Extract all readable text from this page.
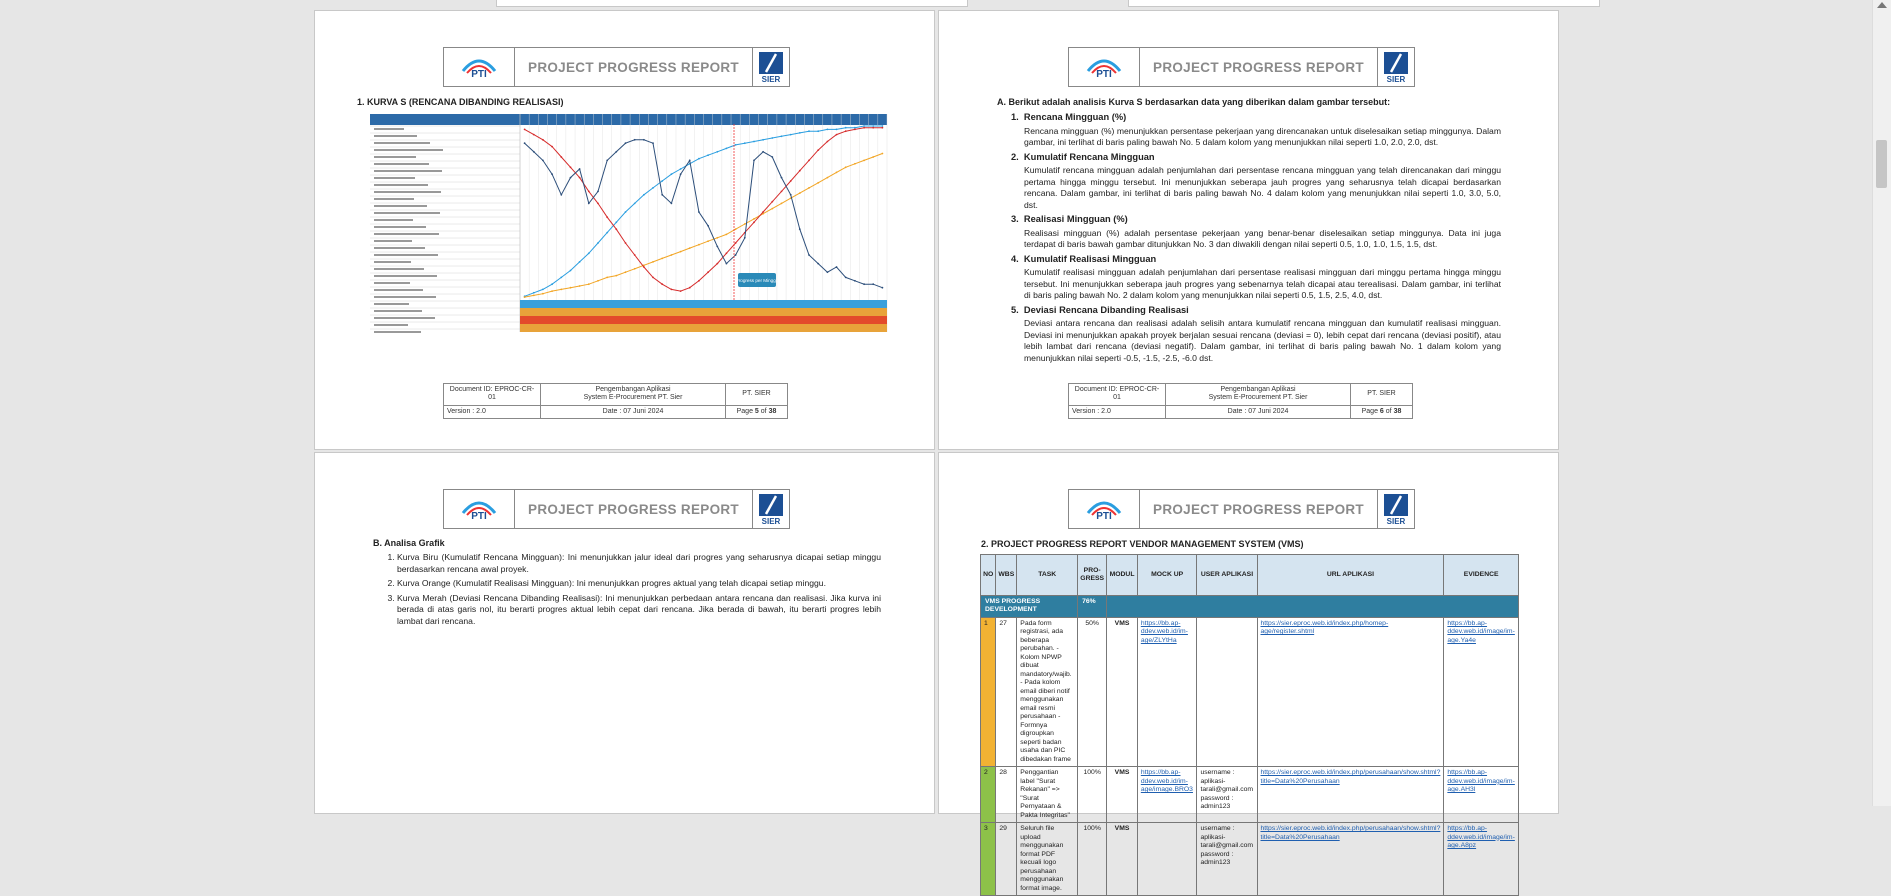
PTI	PROJECT PROGRESS REPORT
SIER
1. KURVA S (RENCANA DIBANDING REALISASI)
Progress per Minggu
Document ID: EPROC-CR-01	Pengembangan Aplikasi
System E-Procurement PT. Sier	PT. SIER
Version : 2.0	Date : 07 Juni 2024	Page 5 of 38
PTI	PROJECT PROGRESS REPORT
SIER
A. Berikut adalah analisis Kurva S berdasarkan data yang diberikan dalam gambar tersebut:
1.  Rencana Mingguan (%)

Rencana mingguan (%) menunjukkan persentase pekerjaan yang direncanakan untuk diselesaikan setiap minggunya. Dalam gambar, ini terlihat di baris paling bawah No. 5 dalam kolom yang menunjukkan nilai seperti 1.0, 2.0, 2.0, dst.

2.  Kumulatif Rencana Mingguan

Kumulatif rencana mingguan adalah penjumlahan dari persentase rencana mingguan yang telah direncanakan dari minggu pertama hingga minggu tersebut. Ini menunjukkan seberapa jauh progres yang seharusnya telah dicapai berdasarkan rencana. Dalam gambar, ini terlihat di baris paling bawah No. 4 dalam kolom yang menunjukkan nilai seperti 1.0, 3.0, 5.0, dst.

3.  Realisasi Mingguan (%)

Realisasi mingguan (%) adalah persentase pekerjaan yang benar-benar diselesaikan setiap minggunya. Data ini juga terdapat di baris bawah gambar ditunjukkan No. 3 dan diwakili dengan nilai seperti 0.5, 1.0, 1.0, 1.5, 1.5, dst.

4.  Kumulatif Realisasi Mingguan

Kumulatif realisasi mingguan adalah penjumlahan dari persentase realisasi mingguan dari minggu pertama hingga minggu tersebut. Ini menunjukkan seberapa jauh progres yang sebenarnya telah dicapai atau terealisasi. Dalam gambar, ini terlihat di baris paling bawah No. 2 dalam kolom yang menunjukkan nilai seperti 0.5, 1.5, 2.5, 4.0, dst.

5.  Deviasi Rencana Dibanding Realisasi

Deviasi antara rencana dan realisasi adalah selisih antara kumulatif rencana mingguan dan kumulatif realisasi mingguan. Deviasi ini menunjukkan apakah proyek berjalan sesuai rencana (deviasi = 0), lebih cepat dari rencana (deviasi positif), atau lebih lambat dari rencana (deviasi negatif). Dalam gambar, ini terlihat di baris paling bawah No. 1 dalam kolom yang menunjukkan nilai seperti -0.5, -1.5, -2.5, -6.0 dst.

Document ID: EPROC-CR-01	Pengembangan Aplikasi
System E-Procurement PT. Sier	PT. SIER
Version : 2.0	Date : 07 Juni 2024	Page 6 of 38
PTI	PROJECT PROGRESS REPORT
SIER
B. Analisa Grafik
1. Kurva Biru (Kumulatif Rencana Mingguan): Ini menunjukkan jalur ideal dari progres yang seharusnya dicapai setiap minggu berdasarkan rencana awal proyek.
2. Kurva Orange (Kumulatif Realisasi Mingguan): Ini menunjukkan progres aktual yang telah dicapai setiap minggu.
3. Kurva Merah (Deviasi Rencana Dibanding Realisasi): Ini menunjukkan perbedaan antara rencana dan realisasi. Jika kurva ini berada di atas garis nol, itu berarti progres aktual lebih cepat dari rencana. Jika berada di bawah, itu berarti progres lebih lambat dari rencana.
PTI	PROJECT PROGRESS REPORT
SIER
2. PROJECT PROGRESS REPORT VENDOR MANAGEMENT SYSTEM (VMS)
NO	WBS	TASK	PRO-GRESS	MODUL	MOCK UP	USER APLIKASI	URL APLIKASI	EVIDENCE
VMS PROGRESS DEVELOPMENT			76%					
1	27	Pada form registrasi, ada beberapa perubahan. - Kolom NPWP dibuat mandatory/wajib. - Pada kolom email diberi notif menggunakan email resmi perusahaan - Formnya digroupkan seperti badan usaha dan PIC dibedakan frame	50%	VMS	https://bb.ap-ddev.web.id/im-age/ZLYtHa		https://sier.eproc.web.id/index.php/homep-age/register.shtml	https://bb.ap-ddev.web.id/image/im-age.Ya4e
2	28	Penggantian label "Surat Rekanan" => "Surat Pernyataan & Pakta Integritas"	100%	VMS	https://bb.ap-ddev.web.id/im-age/image.BRO3	username : aplikasi-tarali@gmail.com password : admin123	https://sier.eproc.web.id/index.php/perusahaan/show.shtml?title=Data%20Perusahaan	https://bb.ap-ddev.web.id/image/im-age.AH3l
3	29	Seluruh file upload menggunakan format PDF kecuali logo perusahaan menggunakan format image.	100%	VMS		username : aplikasi-tarali@gmail.com password : admin123	https://sier.eproc.web.id/index.php/perusahaan/show.shtml?title=Data%20Perusahaan	https://bb.ap-ddev.web.id/image/im-age.A8pz
